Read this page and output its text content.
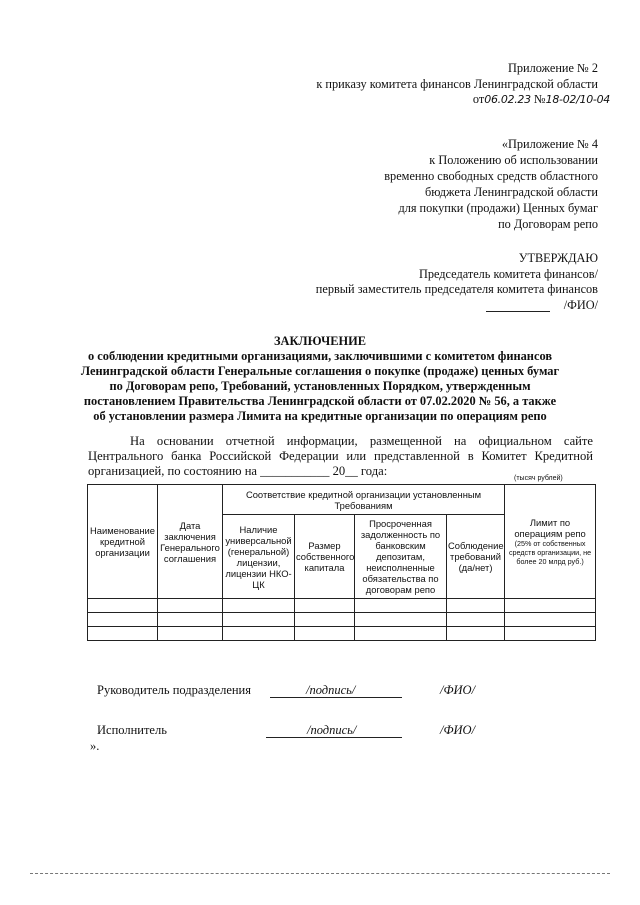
Приложение № 2
к приказу комитета финансов Ленинградской области
от06.02.23 №18-02/10-04
«Приложение № 4
к Положению об использовании
временно свободных средств областного
бюджета Ленинградской области
для покупки (продажи) Ценных бумаг
по Договорам репо
УТВЕРЖДАЮ
Председатель комитета финансов/
первый заместитель председателя комитета финансов
/ФИО/
ЗАКЛЮЧЕНИЕ
о соблюдении кредитными организациями, заключившими с комитетом финансов
Ленинградской области Генеральные соглашения о покупке (продаже) ценных бумаг
по Договорам репо, Требований, установленных Порядком, утвержденным
постановлением Правительства Ленинградской области от 07.02.2020 № 56, а также
об установлении размера Лимита на кредитные организации по операциям репо
На основании отчетной информации, размещенной на официальном сайте Центрального банка Российской Федерации или представленной в Комитет Кредитной организацией, по состоянию на ___________ 20__ года:
(тысяч рублей)
Наименование кредитной организации	Дата заключения Генерального соглашения	Соответствие кредитной организации установленным Требованиям				Лимит по операциям репо
(25% от собственных средств организации, не более 20 млрд руб.)
		Наличие универсальной (генеральной) лицензии, лицензии НКО-ЦК	Размер собственного капитала	Просроченная задолженность по банковским депозитам, неисполненные обязательства по договорам репо	Соблюдение требований (да/нет)	

Руководитель подразделения	/подпись/	/ФИО/
Исполнитель	/подпись/	/ФИО/
».
